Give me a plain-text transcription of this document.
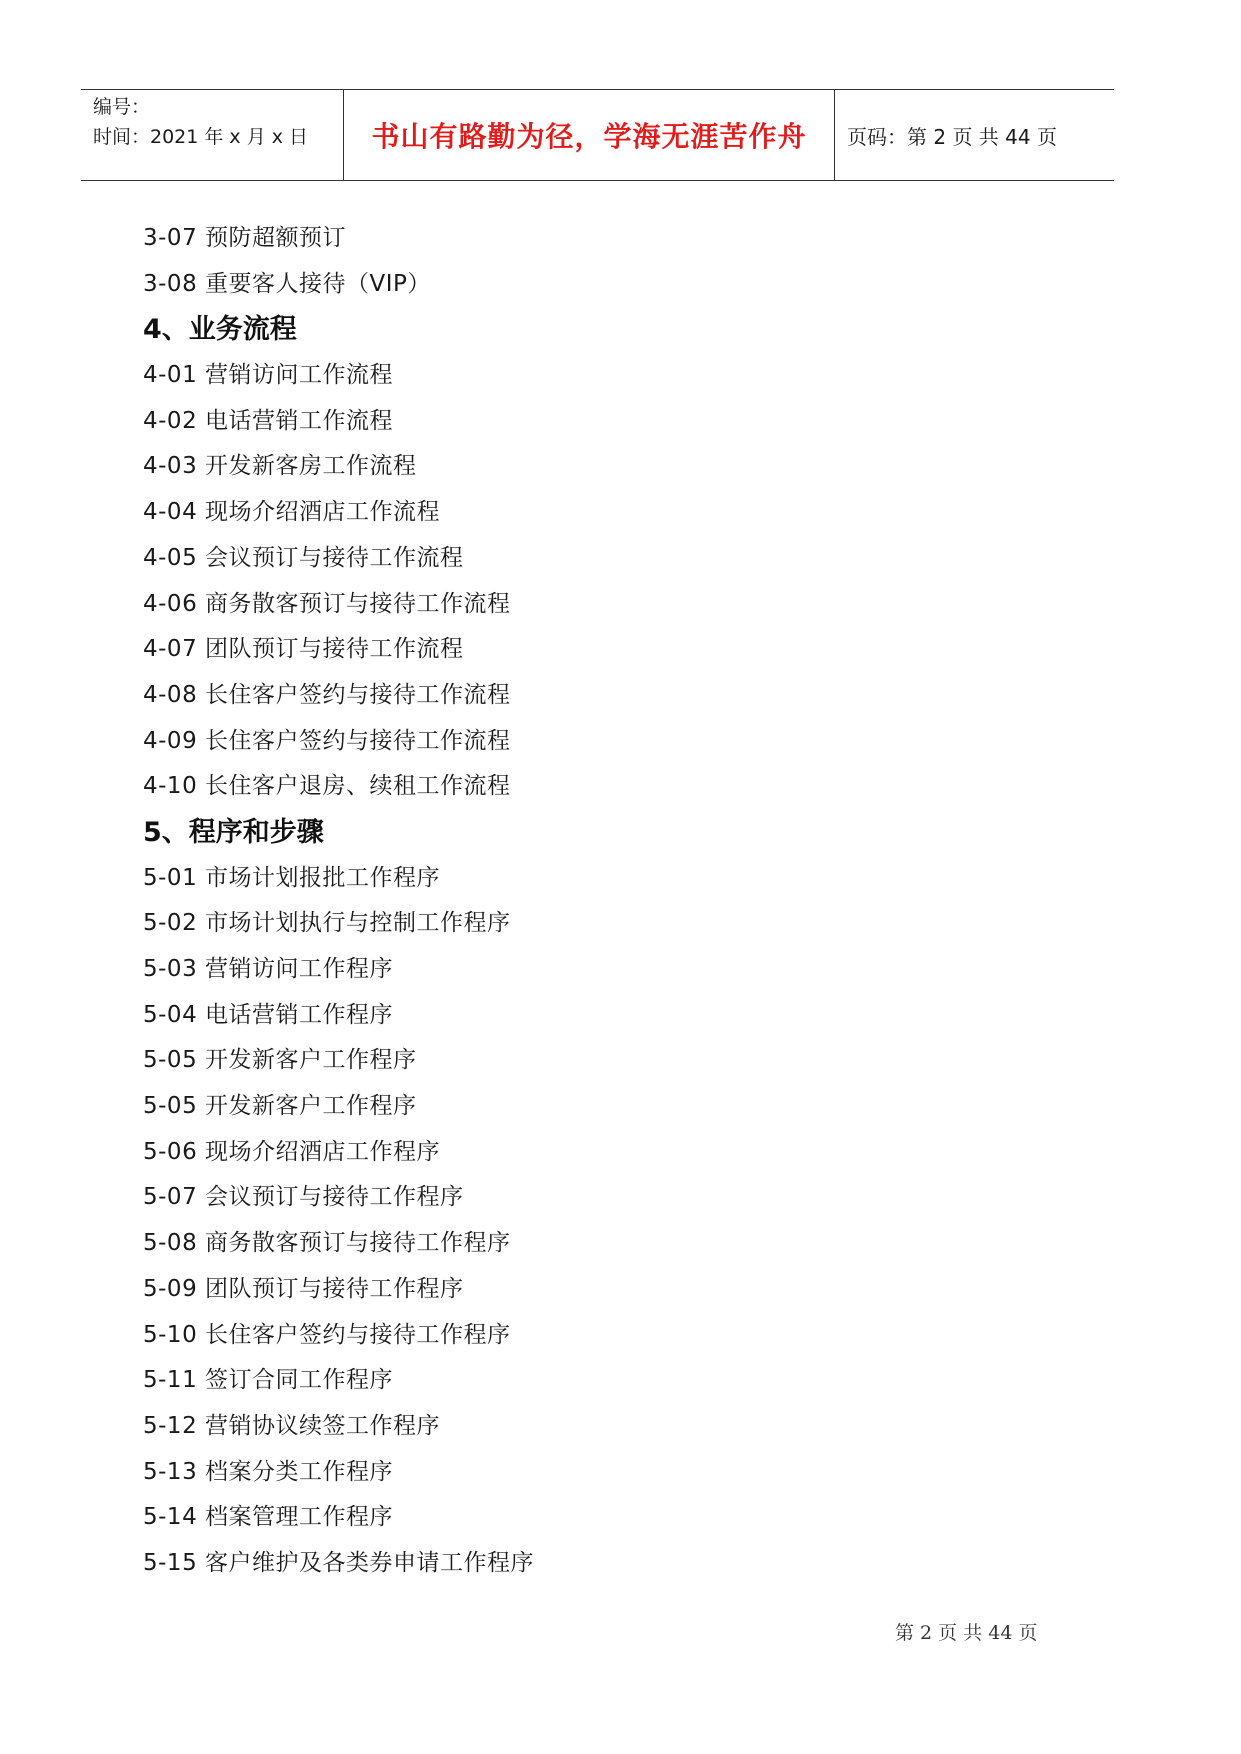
编号：
时间：2021 年 x 月 x 日	书山有路勤为径，学海无涯苦作舟	页码：第 2 页 共 44 页
3-07 预防超额预订
3-08 重要客人接待（VIP）
4、业务流程
4-01 营销访问工作流程
4-02 电话营销工作流程
4-03 开发新客房工作流程
4-04 现场介绍酒店工作流程
4-05 会议预订与接待工作流程
4-06 商务散客预订与接待工作流程
4-07 团队预订与接待工作流程
4-08 长住客户签约与接待工作流程
4-09 长住客户签约与接待工作流程
4-10 长住客户退房、续租工作流程
5、程序和步骤
5-01 市场计划报批工作程序
5-02 市场计划执行与控制工作程序
5-03 营销访问工作程序
5-04 电话营销工作程序
5-05 开发新客户工作程序
5-05 开发新客户工作程序
5-06 现场介绍酒店工作程序
5-07 会议预订与接待工作程序
5-08 商务散客预订与接待工作程序
5-09 团队预订与接待工作程序
5-10 长住客户签约与接待工作程序
5-11 签订合同工作程序
5-12 营销协议续签工作程序
5-13 档案分类工作程序
5-14 档案管理工作程序
5-15 客户维护及各类券申请工作程序
第 2 页 共 44 页
